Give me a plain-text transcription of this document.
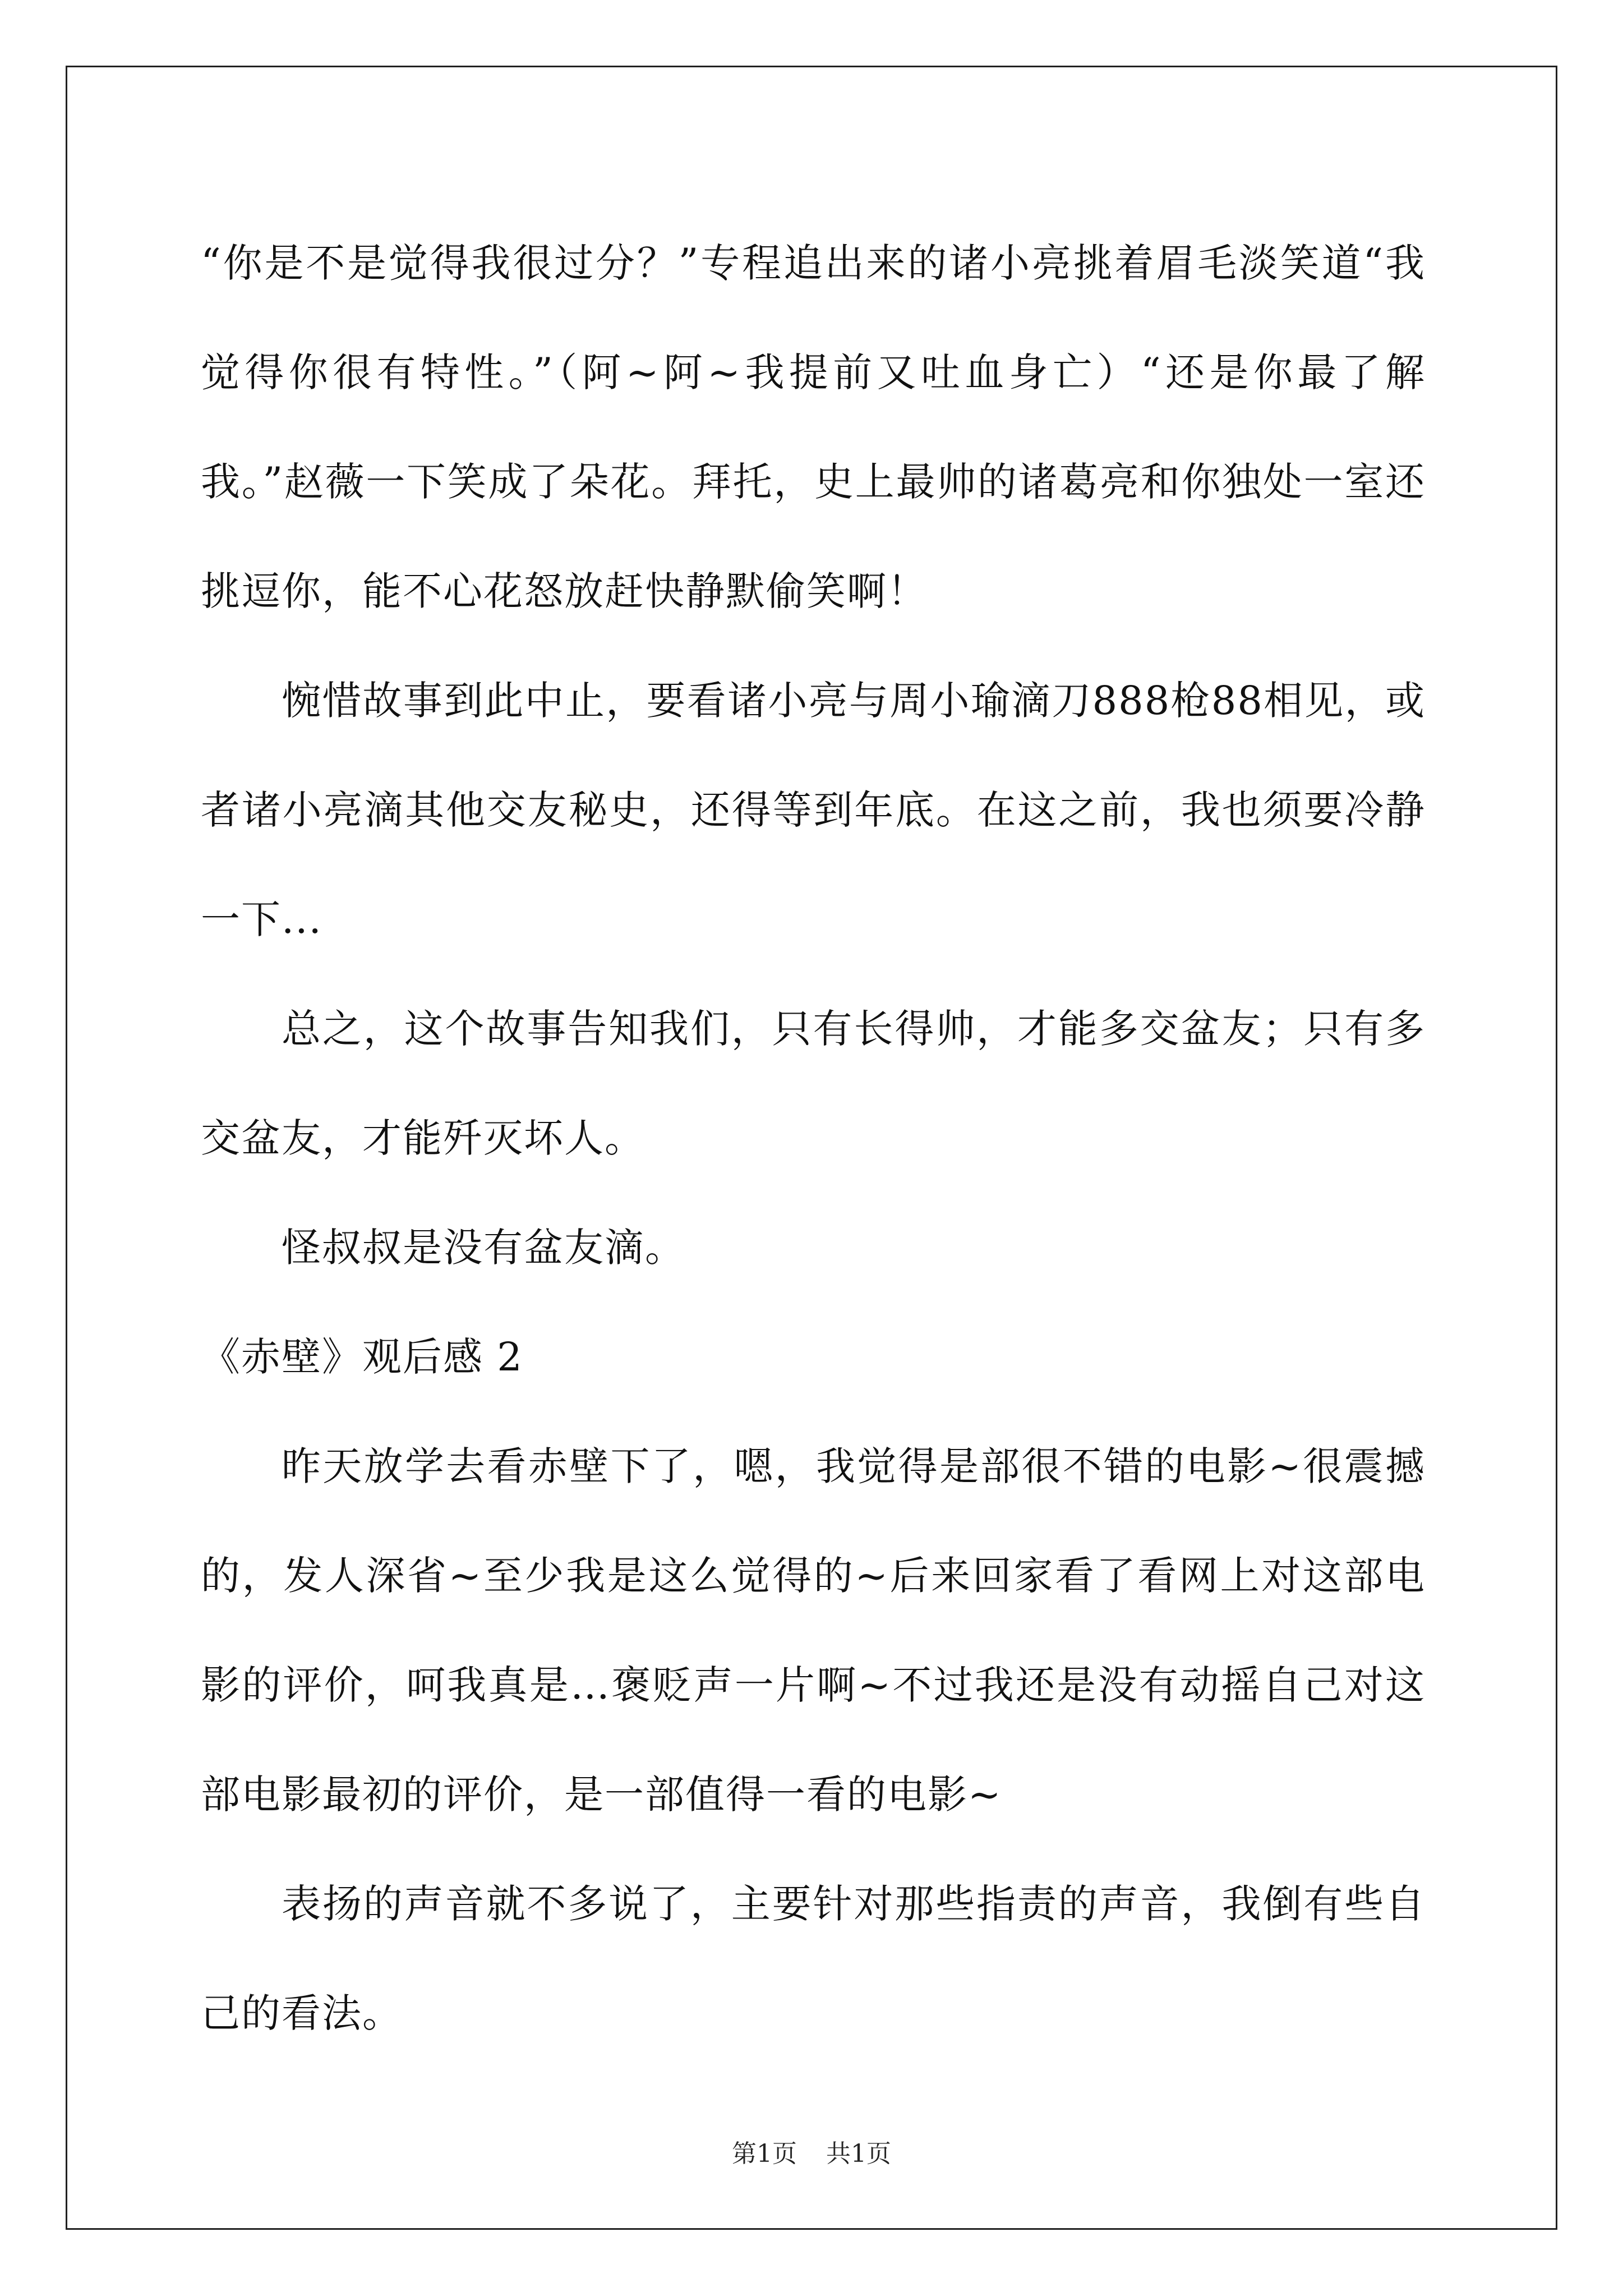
“你是不是觉得我很过分？”专程追出来的诸小亮挑着眉毛淡笑道“我觉得你很有特性。”（阿~阿~我提前又吐血身亡）“还是你最了解我。”赵薇一下笑成了朵花。拜托，史上最帅的诸葛亮和你独处一室还挑逗你，能不心花怒放赶快静默偷笑啊！

惋惜故事到此中止，要看诸小亮与周小瑜滴刀888枪88相见，或者诸小亮滴其他交友秘史，还得等到年底。在这之前，我也须要冷静一下...

总之，这个故事告知我们，只有长得帅，才能多交盆友；只有多交盆友，才能歼灭坏人。

怪叔叔是没有盆友滴。

《赤壁》观后感 2

昨天放学去看赤壁下了，嗯，我觉得是部很不错的电影~很震撼的，发人深省~至少我是这么觉得的~后来回家看了看网上对这部电影的评价，呵我真是…褒贬声一片啊~不过我还是没有动摇自己对这部电影最初的评价，是一部值得一看的电影~

表扬的声音就不多说了，主要针对那些指责的声音，我倒有些自己的看法。

第1页 共1页
